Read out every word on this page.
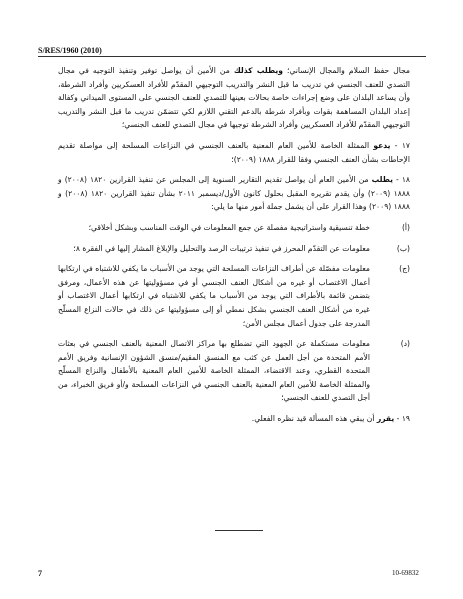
S/RES/1960 (2010)

مجال حفظ السلام والمجال الإنساني؛ ويطلب كذلك من الأمين أن يواصل توفير وتنفيذ التوجيه في مجال التصدي للعنف الجنسي في تدريب ما قبل النشر والتدريب التوجيهي المقدّم للأفراد العسكريين وأفراد الشرطة، وأن يساعد البلدان على وضع إجراءات خاصة بحالات بعينها للتصدي للعنف الجنسي على المستوى الميداني وكفالة إعداد البلدان المساهمة بقوات وبأفراد شرطة بالدعم التقني اللازم لكي تتضمّن تدريب ما قبل النشر والتدريب التوجيهي المقدّم للأفراد العسكريين وأفراد الشرطة توجيها في مجال التصدي للعنف الجنسي؛

١٧ - يدعو الممثلة الخاصة للأمين العام المعنية بالعنف الجنسي في النزاعات المسلحة إلى مواصلة تقديم الإحاطات بشأن العنف الجنسي وفقا للقرار ١٨٨٨ (٢٠٠٩)؛

١٨ - يطلب من الأمين العام أن يواصل تقديم التقارير السنوية إلى المجلس عن تنفيذ القرارين ١٨٢٠ (٢٠٠٨) و ١٨٨٨ (٢٠٠٩) وأن يقدم تقريره المقبل بحلول كانون الأول/ديسمبر ٢٠١١ بشأن تنفيذ القرارين ١٨٢٠ (٢٠٠٨) و ١٨٨٨ (٢٠٠٩) وهذا القرار على أن يشمل جملة أمور منها ما يلي:

(أ)خطة تنسيقية واستراتيجية مفصلة عن جمع المعلومات في الوقت المناسب وبشكل أخلاقي؛

(ب)معلومات عن التقدّم المحرز في تنفيذ ترتيبات الرصد والتحليل والإبلاغ المشار إليها في الفقرة ٨؛

(ج)معلومات مفصّلة عن أطراف النزاعات المسلحة التي يوجد من الأسباب ما يكفي للاشتباه في ارتكابها أعمال الاغتصاب أو غيره من أشكال العنف الجنسي أو في مسؤوليتها عن هذه الأعمال، ومرفق بتضمن قائمة بالأطراف التي يوجد من الأسباب ما يكفي للاشتباه في ارتكابها أعمال الاغتصاب أو غيره من أشكال العنف الجنسي بشكل نمطي أو إلى مسؤوليتها عن ذلك في حالات النزاع المسلّح المدرجة على جدول أعمال مجلس الأمن؛

(د)معلومات مستكملة عن الجهود التي تضطلع بها مراكز الاتصال المعنية بالعنف الجنسي في بعثات الأمم المتحدة من أجل العمل عن كثب مع المنسق المقيم/منسق الشؤون الإنسانية وفريق الأمم المتحدة القطري، وعند الاقتضاء، الممثلة الخاصة للأمين العام المعنية بالأطفال والنزاع المسلّح والممثلة الخاصة للأمين العام المعنية بالعنف الجنسي في النزاعات المسلحة و/أو فريق الخبراء، من أجل التصدي للعنف الجنسي؛

١٩ - يقرر أن يبقي هذه المسألة قيد نظره الفعلي.

7	10-69832
